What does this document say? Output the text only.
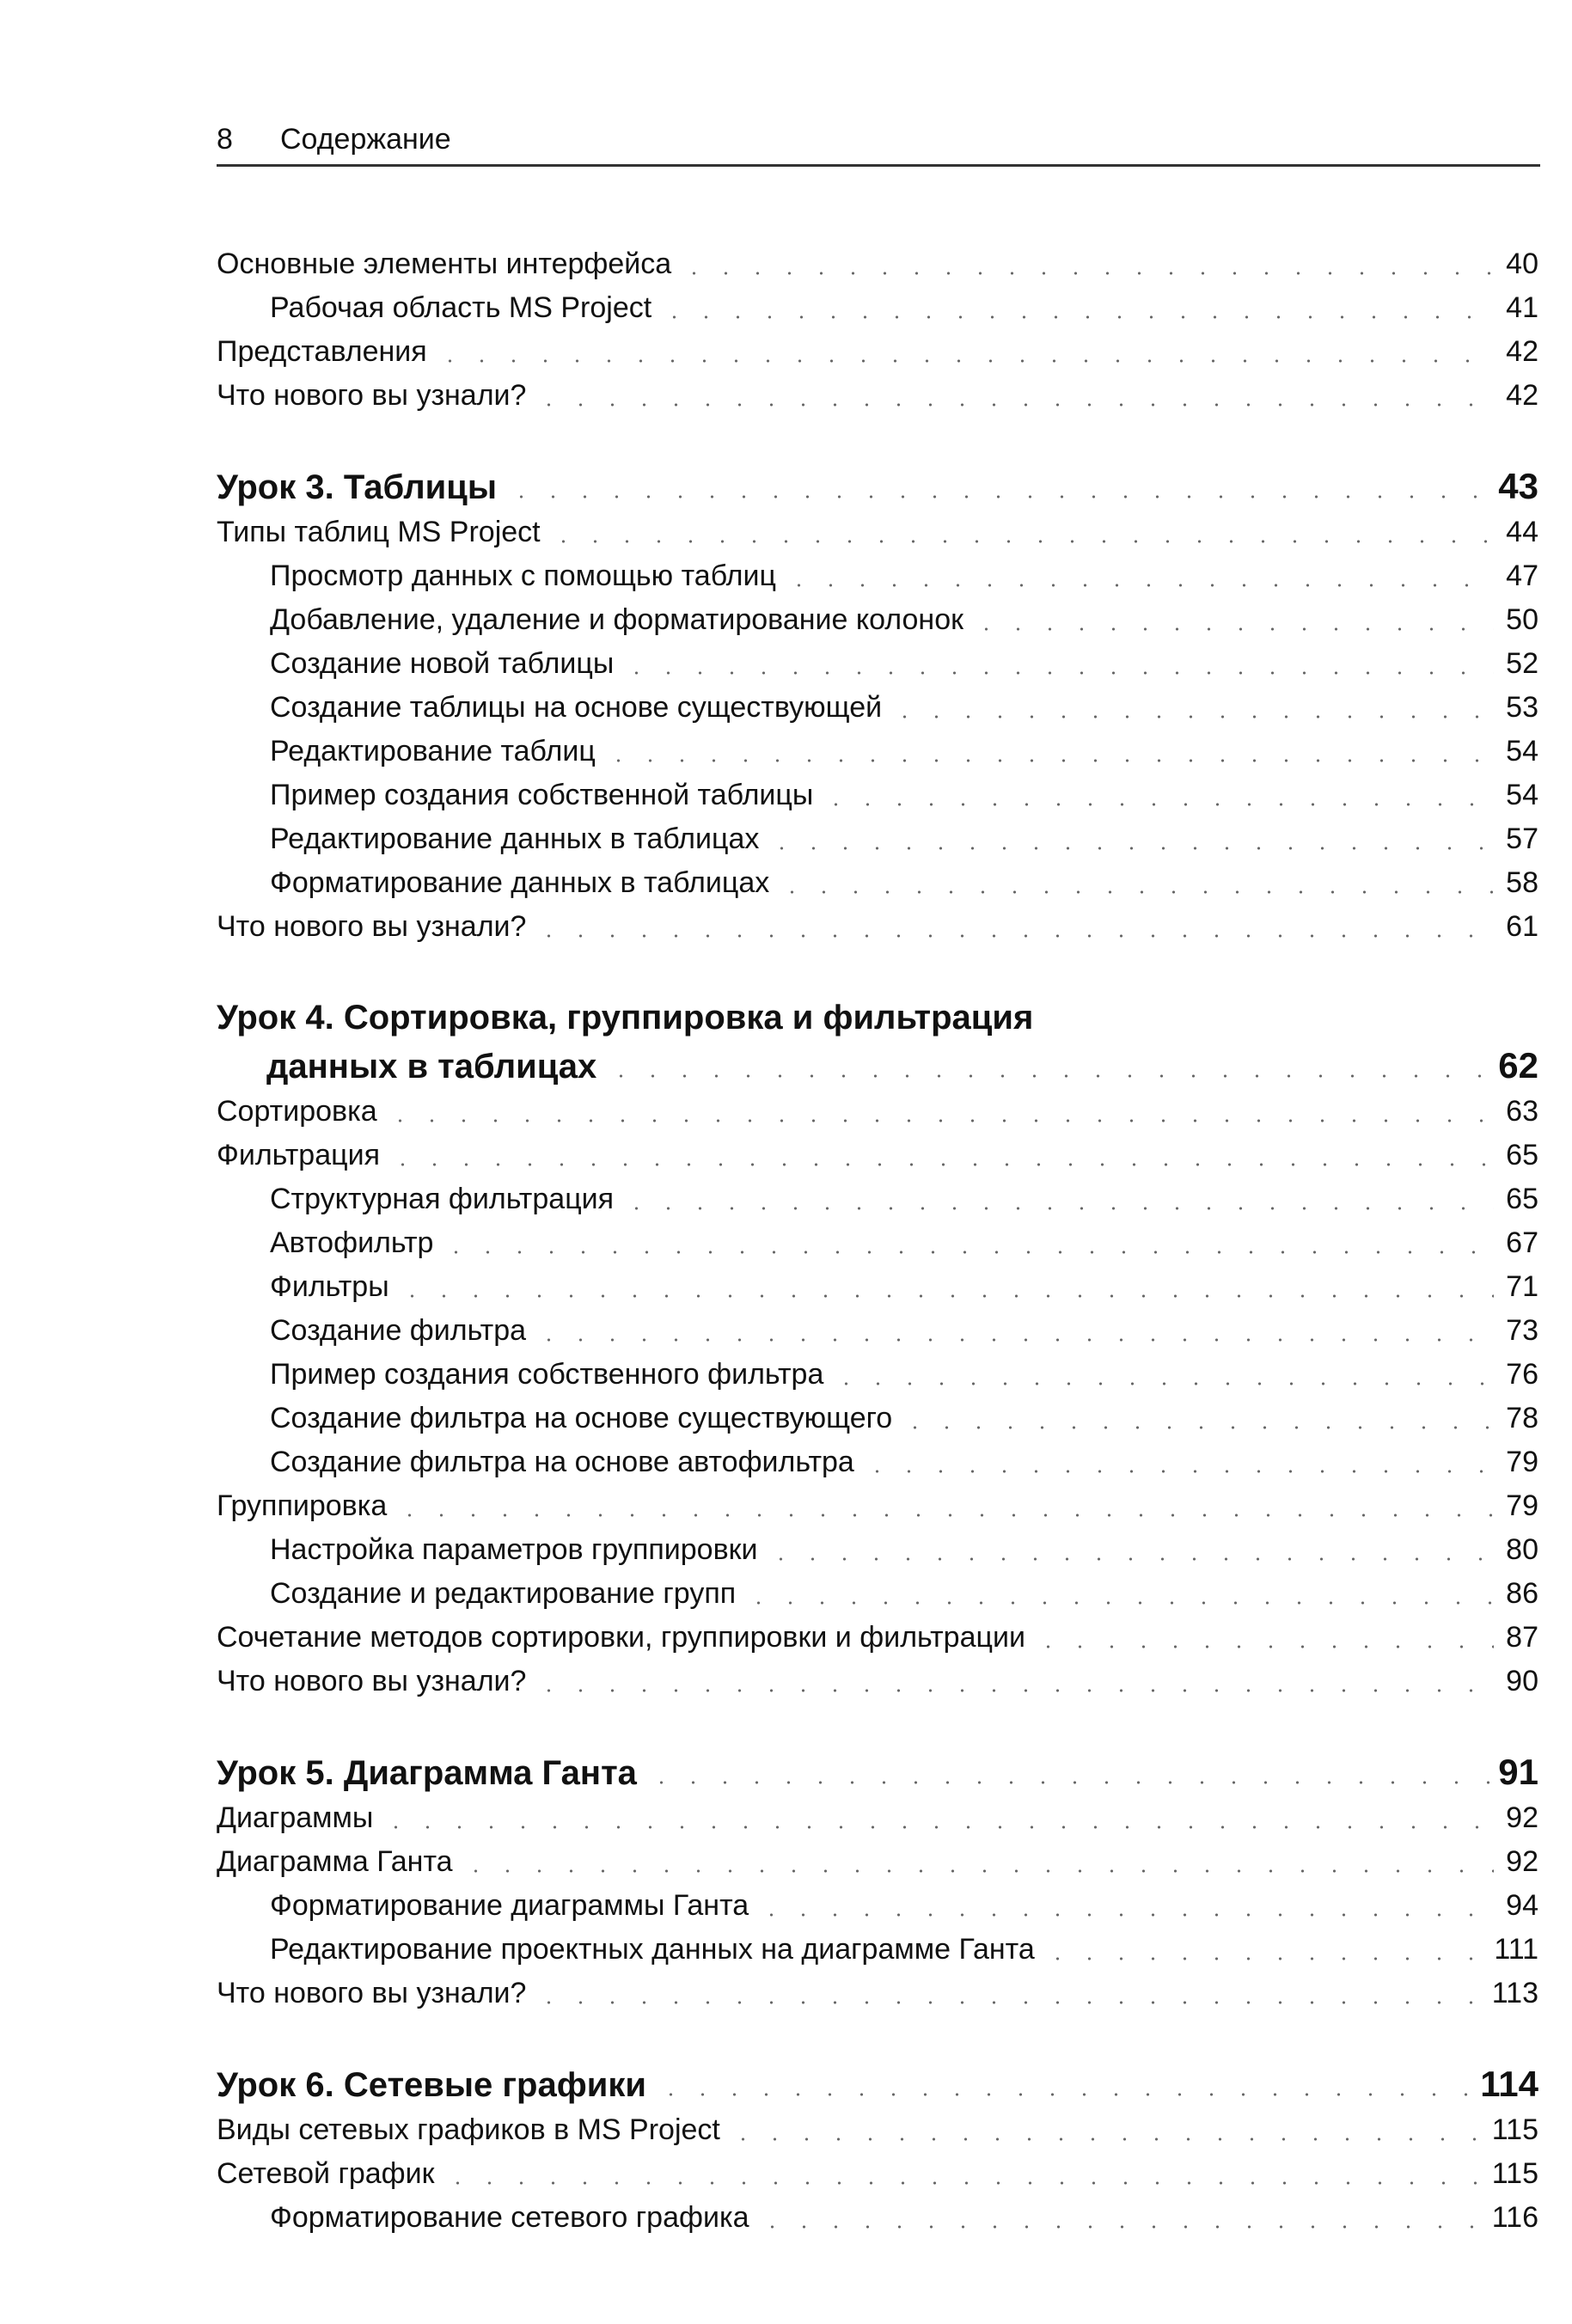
8 Содержание
Основные элементы интерфейса	40
Рабочая область MS Project	41
Представления	42
Что нового вы узнали?	42
Урок 3. Таблицы	43
Типы таблиц MS Project	44
Просмотр данных с помощью таблиц	47
Добавление, удаление и форматирование колонок	50
Создание новой таблицы	52
Создание таблицы на основе существующей	53
Редактирование таблиц	54
Пример создания собственной таблицы	54
Редактирование данных в таблицах	57
Форматирование данных в таблицах	58
Что нового вы узнали?	61
Урок 4. Сортировка, группировка и фильтрация
данных в таблицах	62
Сортировка	63
Фильтрация	65
Структурная фильтрация	65
Автофильтр	67
Фильтры	71
Создание фильтра	73
Пример создания собственного фильтра	76
Создание фильтра на основе существующего	78
Создание фильтра на основе автофильтра	79
Группировка	79
Настройка параметров группировки	80
Создание и редактирование групп	86
Сочетание методов сортировки, группировки и фильтрации	87
Что нового вы узнали?	90
Урок 5. Диаграмма Ганта	91
Диаграммы	92
Диаграмма Ганта	92
Форматирование диаграммы Ганта	94
Редактирование проектных данных на диаграмме Ганта	111
Что нового вы узнали?	113
Урок 6. Сетевые графики	114
Виды сетевых графиков в MS Project	115
Сетевой график	115
Форматирование сетевого графика	116
